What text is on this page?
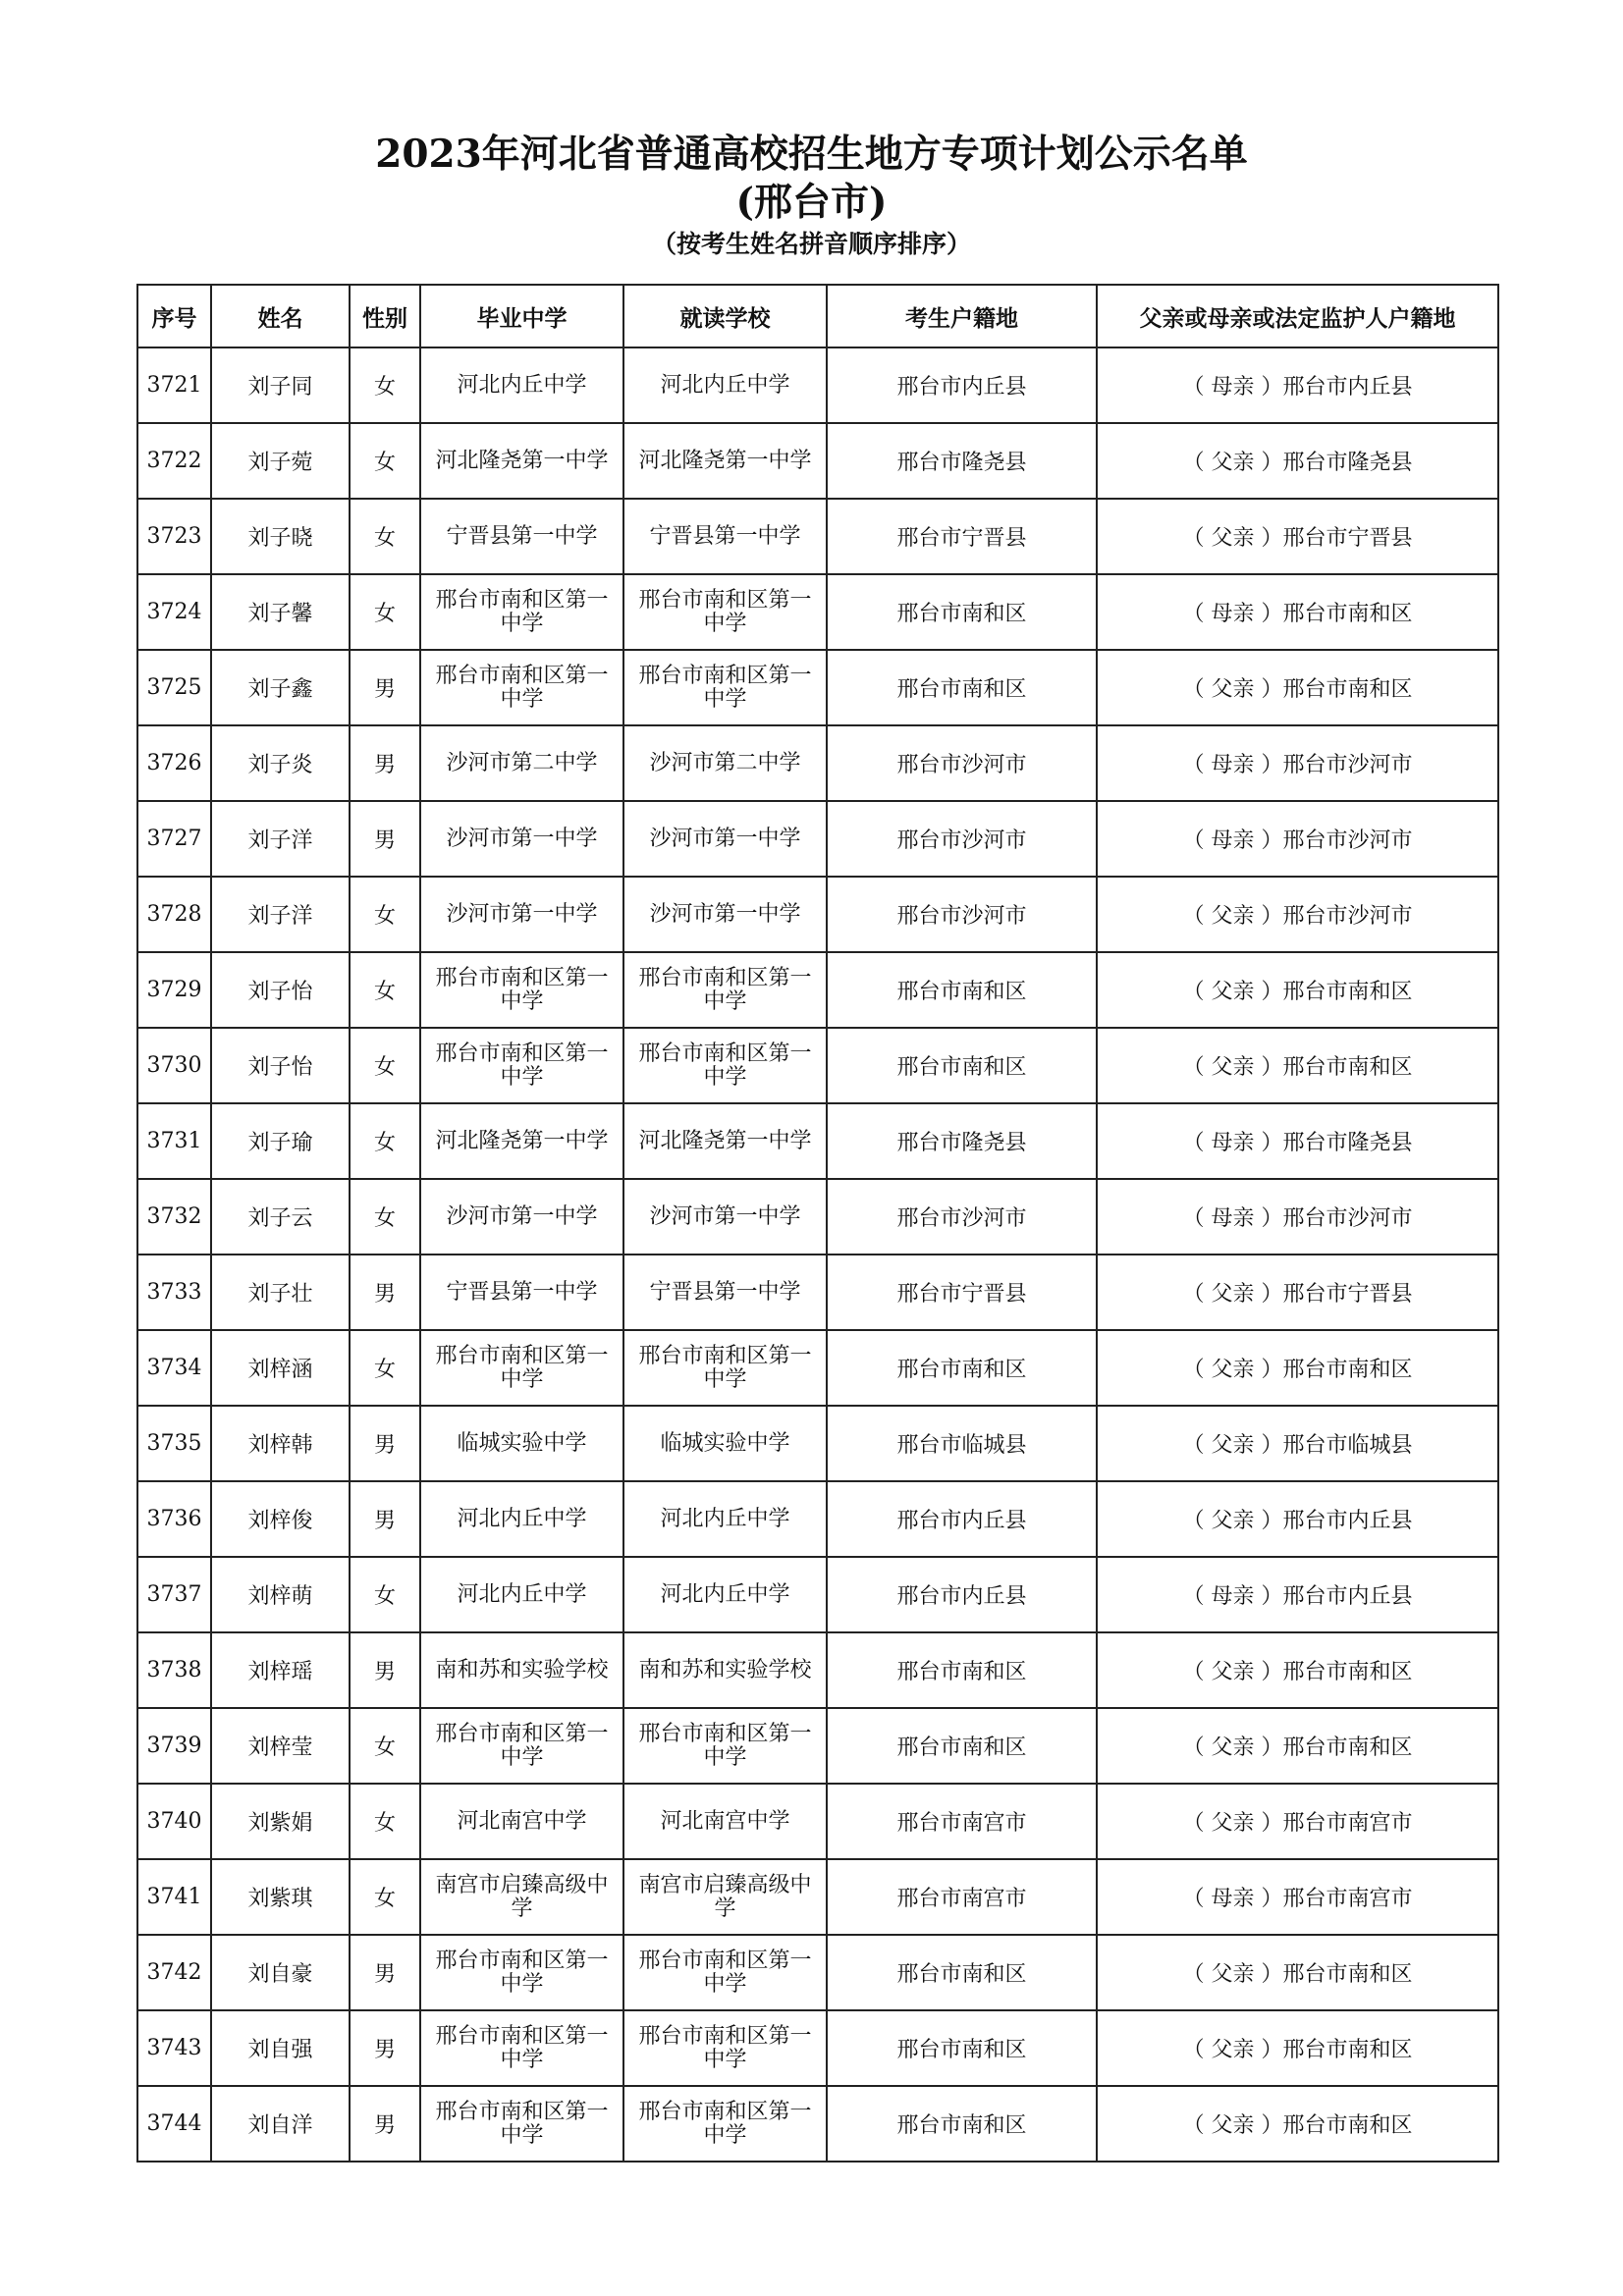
2023年河北省普通高校招生地方专项计划公示名单
(邢台市)
（按考生姓名拼音顺序排序）
序号	姓名	性别	毕业中学	就读学校	考生户籍地	父亲或母亲或法定监护人户籍地
3721	刘子同	女	河北内丘中学	河北内丘中学	邢台市内丘县	（ 母亲 ）邢台市内丘县
3722	刘子菀	女	河北隆尧第一中学	河北隆尧第一中学	邢台市隆尧县	（ 父亲 ）邢台市隆尧县
3723	刘子晓	女	宁晋县第一中学	宁晋县第一中学	邢台市宁晋县	（ 父亲 ）邢台市宁晋县
3724	刘子馨	女	邢台市南和区第一中学	邢台市南和区第一中学	邢台市南和区	（ 母亲 ）邢台市南和区
3725	刘子鑫	男	邢台市南和区第一中学	邢台市南和区第一中学	邢台市南和区	（ 父亲 ）邢台市南和区
3726	刘子炎	男	沙河市第二中学	沙河市第二中学	邢台市沙河市	（ 母亲 ）邢台市沙河市
3727	刘子洋	男	沙河市第一中学	沙河市第一中学	邢台市沙河市	（ 母亲 ）邢台市沙河市
3728	刘子洋	女	沙河市第一中学	沙河市第一中学	邢台市沙河市	（ 父亲 ）邢台市沙河市
3729	刘子怡	女	邢台市南和区第一中学	邢台市南和区第一中学	邢台市南和区	（ 父亲 ）邢台市南和区
3730	刘子怡	女	邢台市南和区第一中学	邢台市南和区第一中学	邢台市南和区	（ 父亲 ）邢台市南和区
3731	刘子瑜	女	河北隆尧第一中学	河北隆尧第一中学	邢台市隆尧县	（ 母亲 ）邢台市隆尧县
3732	刘子云	女	沙河市第一中学	沙河市第一中学	邢台市沙河市	（ 母亲 ）邢台市沙河市
3733	刘子壮	男	宁晋县第一中学	宁晋县第一中学	邢台市宁晋县	（ 父亲 ）邢台市宁晋县
3734	刘梓涵	女	邢台市南和区第一中学	邢台市南和区第一中学	邢台市南和区	（ 父亲 ）邢台市南和区
3735	刘梓韩	男	临城实验中学	临城实验中学	邢台市临城县	（ 父亲 ）邢台市临城县
3736	刘梓俊	男	河北内丘中学	河北内丘中学	邢台市内丘县	（ 父亲 ）邢台市内丘县
3737	刘梓萌	女	河北内丘中学	河北内丘中学	邢台市内丘县	（ 母亲 ）邢台市内丘县
3738	刘梓瑶	男	南和苏和实验学校	南和苏和实验学校	邢台市南和区	（ 父亲 ）邢台市南和区
3739	刘梓莹	女	邢台市南和区第一中学	邢台市南和区第一中学	邢台市南和区	（ 父亲 ）邢台市南和区
3740	刘紫娟	女	河北南宫中学	河北南宫中学	邢台市南宫市	（ 父亲 ）邢台市南宫市
3741	刘紫琪	女	南宫市启臻高级中学	南宫市启臻高级中学	邢台市南宫市	（ 母亲 ）邢台市南宫市
3742	刘自豪	男	邢台市南和区第一中学	邢台市南和区第一中学	邢台市南和区	（ 父亲 ）邢台市南和区
3743	刘自强	男	邢台市南和区第一中学	邢台市南和区第一中学	邢台市南和区	（ 父亲 ）邢台市南和区
3744	刘自洋	男	邢台市南和区第一中学	邢台市南和区第一中学	邢台市南和区	（ 父亲 ）邢台市南和区
